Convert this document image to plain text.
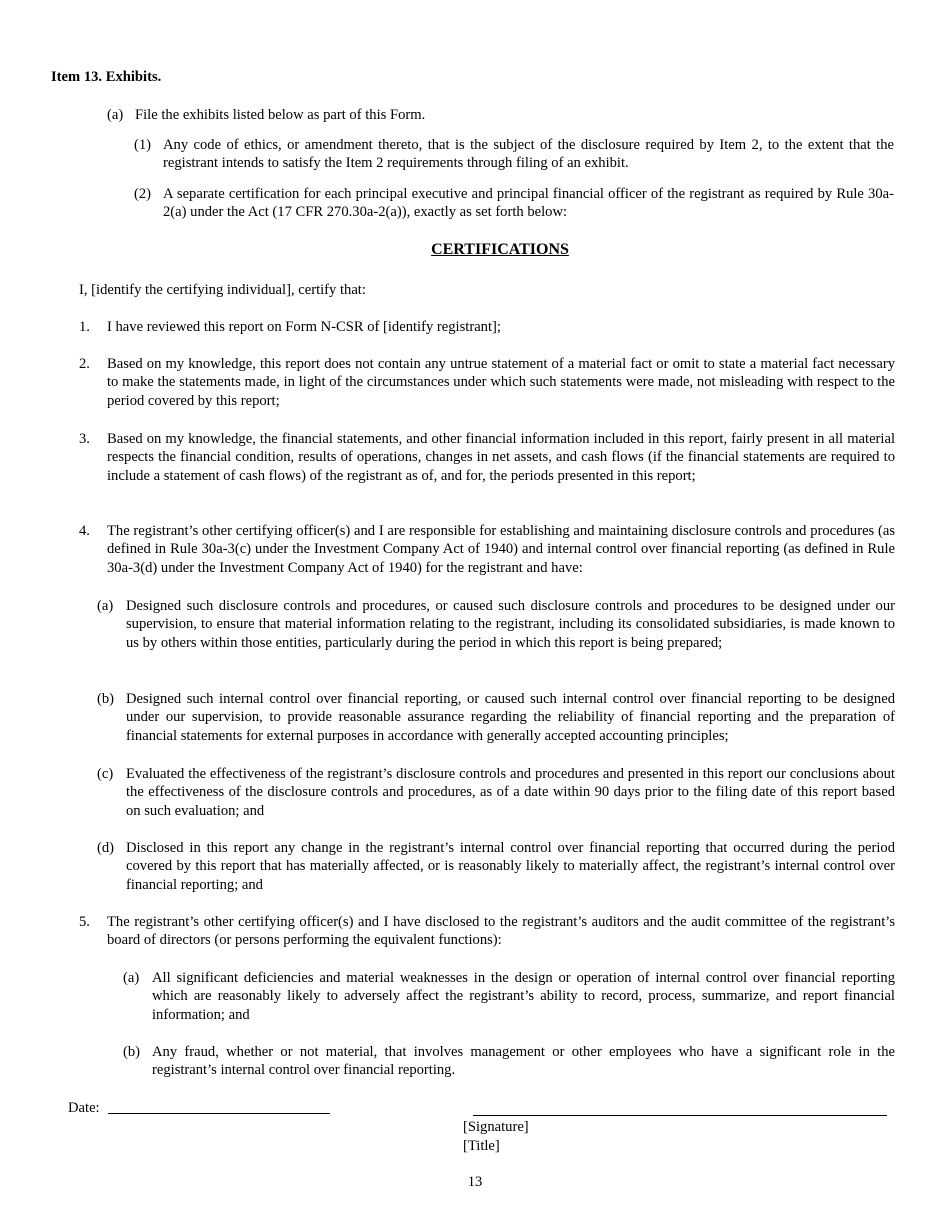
Item 13. Exhibits.
(a) File the exhibits listed below as part of this Form.
(1) Any code of ethics, or amendment thereto, that is the subject of the disclosure required by Item 2, to the extent that the registrant intends to satisfy the Item 2 requirements through filing of an exhibit.
(2) A separate certification for each principal executive and principal financial officer of the registrant as required by Rule 30a-2(a) under the Act (17 CFR 270.30a-2(a)), exactly as set forth below:
CERTIFICATIONS
I, [identify the certifying individual], certify that:
1. I have reviewed this report on Form N-CSR of [identify registrant];
2. Based on my knowledge, this report does not contain any untrue statement of a material fact or omit to state a material fact necessary to make the statements made, in light of the circumstances under which such statements were made, not misleading with respect to the period covered by this report;
3. Based on my knowledge, the financial statements, and other financial information included in this report, fairly present in all material respects the financial condition, results of operations, changes in net assets, and cash flows (if the financial statements are required to include a statement of cash flows) of the registrant as of, and for, the periods presented in this report;
4. The registrant’s other certifying officer(s) and I are responsible for establishing and maintaining disclosure controls and procedures (as defined in Rule 30a-3(c) under the Investment Company Act of 1940) and internal control over financial reporting (as defined in Rule 30a-3(d) under the Investment Company Act of 1940) for the registrant and have:
(a) Designed such disclosure controls and procedures, or caused such disclosure controls and procedures to be designed under our supervision, to ensure that material information relating to the registrant, including its consolidated subsidiaries, is made known to us by others within those entities, particularly during the period in which this report is being prepared;
(b) Designed such internal control over financial reporting, or caused such internal control over financial reporting to be designed under our supervision, to provide reasonable assurance regarding the reliability of financial reporting and the preparation of financial statements for external purposes in accordance with generally accepted accounting principles;
(c) Evaluated the effectiveness of the registrant’s disclosure controls and procedures and presented in this report our conclusions about the effectiveness of the disclosure controls and procedures, as of a date within 90 days prior to the filing date of this report based on such evaluation; and
(d) Disclosed in this report any change in the registrant’s internal control over financial reporting that occurred during the period covered by this report that has materially affected, or is reasonably likely to materially affect, the registrant’s internal control over financial reporting; and
5. The registrant’s other certifying officer(s) and I have disclosed to the registrant’s auditors and the audit committee of the registrant’s board of directors (or persons performing the equivalent functions):
(a) All significant deficiencies and material weaknesses in the design or operation of internal control over financial reporting which are reasonably likely to adversely affect the registrant’s ability to record, process, summarize, and report financial information; and
(b) Any fraud, whether or not material, that involves management or other employees who have a significant role in the registrant’s internal control over financial reporting.
Date:
[Signature]
[Title]
13
